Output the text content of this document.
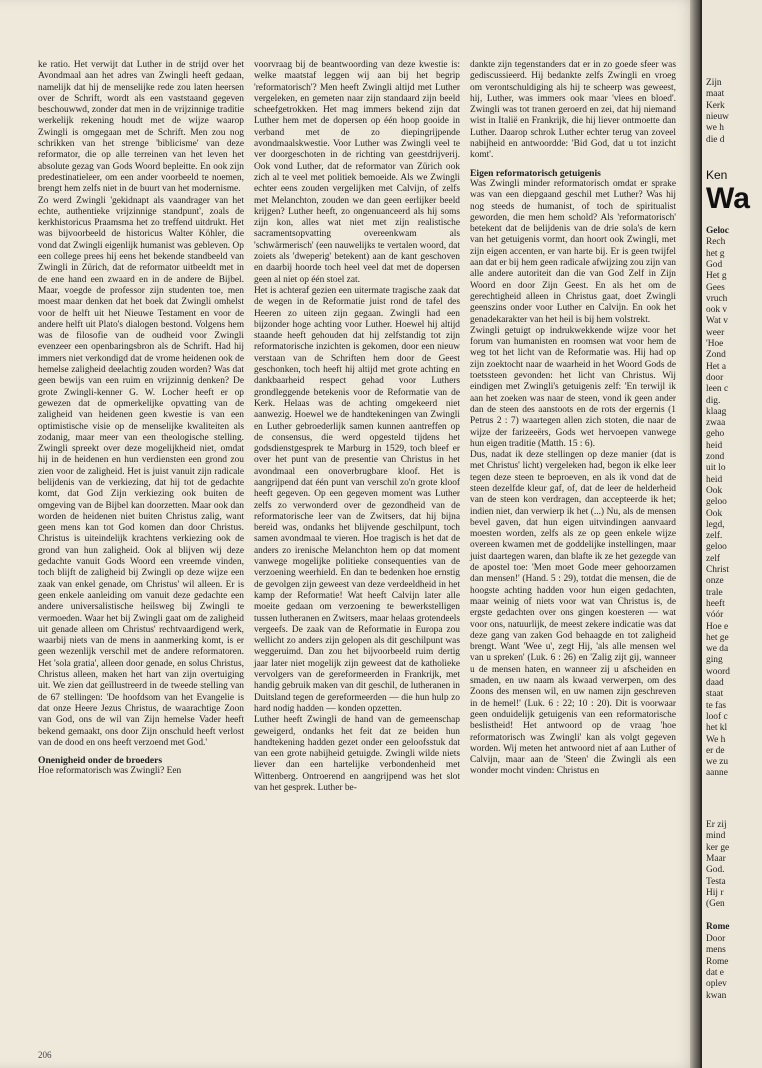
ke ratio. Het verwijt dat Luther in de strijd over het Avondmaal aan het adres van Zwingli heeft gedaan, namelijk dat hij de menselijke rede zou laten heersen over de Schrift, wordt als een vaststaand gegeven beschouwwd, zonder dat men in de vrijzinnige traditie werkelijk rekening houdt met de wijze waarop Zwingli is omgegaan met de Schrift. Men zou nog schrikken van het strenge 'biblicisme' van deze reformator, die op alle terreinen van het leven het absolute gezag van Gods Woord bepleitte. En ook zijn predestinatieleer, om een ander voorbeeld te noemen, brengt hem zelfs niet in de buurt van het modernisme.

Zo werd Zwingli 'gekidnapt als vaandrager van het echte, authentieke vrijzinnige standpunt', zoals de kerkhistoricus Praamsma het zo treffend uitdrukt. Het was bijvoorbeeld de historicus Walter Köhler, die vond dat Zwingli eigenlijk humanist was gebleven. Op een college prees hij eens het bekende standbeeld van Zwingli in Zürich, dat de reformator uitbeeldt met in de ene hand een zwaard en in de andere de Bijbel. Maar, voegde de professor zijn studenten toe, men moest maar denken dat het boek dat Zwingli omhelst voor de helft uit het Nieuwe Testament en voor de andere helft uit Plato's dialogen bestond. Volgens hem was de filosofie van de oudheid voor Zwingli evenzeer een openbaringsbron als de Schrift. Had hij immers niet verkondigd dat de vrome heidenen ook de hemelse zaligheid deelachtig zouden worden? Was dat geen bewijs van een ruim en vrijzinnig denken? De grote Zwingli-kenner G. W. Locher heeft er op gewezen dat de opmerkelijke opvatting van de zaligheid van heidenen geen kwestie is van een optimistische visie op de menselijke kwaliteiten als zodanig, maar meer van een theologische stelling. Zwingli spreekt over deze mogelijkheid niet, omdat hij in de heidenen en hun verdiensten een grond zou zien voor de zaligheid. Het is juist vanuit zijn radicale belijdenis van de verkiezing, dat hij tot de gedachte komt, dat God Zijn verkiezing ook buiten de omgeving van de Bijbel kan doorzetten. Maar ook dan worden de heidenen niet buiten Christus zalig, want geen mens kan tot God komen dan door Christus. Christus is uiteindelijk krachtens verkiezing ook de grond van hun zaligheid. Ook al blijven wij deze gedachte vanuit Gods Woord een vreemde vinden, toch blijft de zaligheid bij Zwingli op deze wijze een zaak van enkel genade, om Christus' wil alleen. Er is geen enkele aanleiding om vanuit deze gedachte een andere universalistische heilsweg bij Zwingli te vermoeden. Waar het bij Zwingli gaat om de zaligheid uit genade alleen om Christus' rechtvaardigend werk, waarbij niets van de mens in aanmerking komt, is er geen wezenlijk verschil met de andere reformatoren. Het 'sola gratia', alleen door genade, en solus Christus, Christus alleen, maken het hart van zijn overtuiging uit. We zien dat geïllustreerd in de tweede stelling van de 67 stellingen: 'De hoofdsom van het Evangelie is dat onze Heere Jezus Christus, de waarachtige Zoon van God, ons de wil van Zijn hemelse Vader heeft bekend gemaakt, ons door Zijn onschuld heeft verlost van de dood en ons heeft verzoend met God.'

Onenigheid onder de broeders

Hoe reformatorisch was Zwingli? Een

voorvraag bij de beantwoording van deze kwestie is: welke maatstaf leggen wij aan bij het begrip 'reformatorisch'? Men heeft Zwingli altijd met Luther vergeleken, en gemeten naar zijn standaard zijn beeld scheefgetrokken. Het mag immers bekend zijn dat Luther hem met de dopersen op één hoop gooide in verband met de zo diepingrijpende avondmaalskwestie. Voor Luther was Zwingli veel te ver doorgeschoten in de richting van geestdrijverij. Ook vond Luther, dat de reformator van Zürich ook zich al te veel met politiek bemoeide. Als we Zwingli echter eens zouden vergelijken met Calvijn, of zelfs met Melanchton, zouden we dan geen eerlijker beeld krijgen? Luther heeft, zo ongenuanceerd als hij soms zijn kon, alles wat niet met zijn realistische sacramentsopvatting overeenkwam als 'schwärmerisch' (een nauwelijks te vertalen woord, dat zoiets als 'dweperig' betekent) aan de kant geschoven en daarbij hoorde toch heel veel dat met de dopersen geen al niet op één stoel zat.

Het is achteraf gezien een uitermate tragische zaak dat de wegen in de Reformatie juist rond de tafel des Heeren zo uiteen zijn gegaan. Zwingli had een bijzonder hoge achting voor Luther. Hoewel hij altijd staande heeft gehouden dat hij zelfstandig tot zijn reformatorische inzichten is gekomen, door een nieuw verstaan van de Schriften hem door de Geest geschonken, toch heeft hij altijd met grote achting en dankbaarheid respect gehad voor Luthers grondleggende betekenis voor de Reformatie van de Kerk. Helaas was de achting omgekeerd niet aanwezig. Hoewel we de handtekeningen van Zwingli en Luther gebroederlijk samen kunnen aantreffen op de consensus, die werd opgesteld tijdens het godsdienstgesprek te Marburg in 1529, toch bleef er over het punt van de presentie van Christus in het avondmaal een onoverbrugbare kloof. Het is aangrijpend dat één punt van verschil zo'n grote kloof heeft gegeven. Op een gegeven moment was Luther zelfs zo verwonderd over de gezondheid van de reformatorische leer van de Zwitsers, dat hij bijna bereid was, ondanks het blijvende geschilpunt, toch samen avondmaal te vieren. Hoe tragisch is het dat de anders zo irenische Melanchton hem op dat moment vanwege mogelijke politieke consequenties van de verzoening weerhield. En dan te bedenken hoe ernstig de gevolgen zijn geweest van deze verdeeldheid in het kamp der Reformatie! Wat heeft Calvijn later alle moeite gedaan om verzoening te bewerkstelligen tussen lutheranen en Zwitsers, maar helaas grotendeels vergeefs. De zaak van de Reformatie in Europa zou wellicht zo anders zijn gelopen als dit geschilpunt was weggeruimd. Dan zou het bijvoorbeeld ruim dertig jaar later niet mogelijk zijn geweest dat de katholieke vervolgers van de gereformeerden in Frankrijk, met handig gebruik maken van dit geschil, de lutheranen in Duitsland tegen de gereformeerden — die hun hulp zo hard nodig hadden — konden opzetten.

Luther heeft Zwingli de hand van de gemeenschap geweigerd, ondanks het feit dat ze beiden hun handtekening hadden gezet onder een geloofsstuk dat van een grote nabijheid getuigde. Zwingli wilde niets liever dan een hartelijke verbondenheid met Wittenberg. Ontroerend en aangrijpend was het slot van het gesprek. Luther be-

dankte zijn tegenstanders dat er in zo goede sfeer was gediscussieerd. Hij bedankte zelfs Zwingli en vroeg om verontschuldiging als hij te scheerp was geweest, hij, Luther, was immers ook maar 'vlees en bloed'. Zwingli was tot tranen geroerd en zei, dat hij niemand wist in Italië en Frankrijk, die hij liever ontmoette dan Luther. Daarop schrok Luther echter terug van zoveel nabijheid en antwoordde: 'Bid God, dat u tot inzicht komt'.

Eigen reformatorisch getuigenis

Was Zwingli minder reformatorisch omdat er sprake was van een diepgaand geschil met Luther? Was hij nog steeds de humanist, of toch de spiritualist geworden, die men hem schold? Als 'reformatorisch' betekent dat de belijdenis van de drie sola's de kern van het getuigenis vormt, dan hoort ook Zwingli, met zijn eigen accenten, er van harte bij. Er is geen twijfel aan dat er bij hem geen radicale afwijzing zou zijn van alle andere autoriteit dan die van God Zelf in Zijn Woord en door Zijn Geest. En als het om de gerechtigheid alleen in Christus gaat, doet Zwingli geenszins onder voor Luther en Calvijn. En ook het genadekarakter van het heil is bij hem volstrekt.

Zwingli getuigt op indrukwekkende wijze voor het forum van humanisten en roomsen wat voor hem de weg tot het licht van de Reformatie was. Hij had op zijn zoektocht naar de waarheid in het Woord Gods de toetssteen gevonden: het licht van Christus. Wij eindigen met Zwingli's getuigenis zelf: 'En terwijl ik aan het zoeken was naar de steen, vond ik geen ander dan de steen des aanstoots en de rots der ergernis (1 Petrus 2 : 7) waartegen allen zich stoten, die naar de wijze der farizeeërs, Gods wet hervoepen vanwege hun eigen traditie (Matth. 15 : 6).

Dus, nadat ik deze stellingen op deze manier (dat is met Christus' licht) vergeleken had, begon ik elke leer tegen deze steen te beproeven, en als ik vond dat de steen dezelfde kleur gaf, of, dat de leer de helderheid van de steen kon verdragen, dan accepteerde ik het; indien niet, dan verwierp ik het (...) Nu, als de mensen bevel gaven, dat hun eigen uitvindingen aanvaard moesten worden, zelfs als ze op geen enkele wijze overeen kwamen met de goddelijke instellingen, maar juist daartegen waren, dan blafte ik ze het gezegde van de apostel toe: 'Men moet Gode meer gehoorzamen dan mensen!' (Hand. 5 : 29), totdat die mensen, die de hoogste achting hadden voor hun eigen gedachten, maar weinig of niets voor wat van Christus is, de ergste gedachten over ons gingen koesteren — wat voor ons, natuurlijk, de meest zekere indicatie was dat deze gang van zaken God behaagde en tot zaligheid brengt. Want 'Wee u', zegt Hij, 'als alle mensen wel van u spreken' (Luk. 6 : 26) en 'Zalig zijt gij, wanneer u de mensen haten, en wanneer zij u afscheiden en smaden, en uw naam als kwaad verwerpen, om des Zoons des mensen wil, en uw namen zijn geschreven in de hemel!' (Luk. 6 : 22; 10 : 20). Dit is voorwaar geen onduidelijk getuigenis van een reformatorische beslistheid! Het antwoord op de vraag 'hoe reformatorisch was Zwingli' kan als volgt gegeven worden. Wij meten het antwoord niet af aan Luther of Calvijn, maar aan de 'Steen' die Zwingli als een wonder mocht vinden: Christus en

206
Zijn
maat
Kerk
nieuw
we h
die d
Ken
Wa
Geloc
Rech
het g
God
Het g
Gees
vruch
ook v
Wat v
weer
'Hoe
Zond
Het a
door
leen c
dig.
klaag
zwaa
geho
heid
zond
uit lo
heid
Ook
geloo
Ook
legd,
zelf.
geloo
zelf
Christ
onze
trale
heeft
vóór
Hoe e
het ge
we da
ging
woord
daad
staat
te fas
loof c
het kl
We h
er de
we zu
aanne
Er zij
mind
ker ge
Maar
God.
Testa
Hij r
(Gen
Rome
Door
mens
Rome
dat e
oplev
kwan
